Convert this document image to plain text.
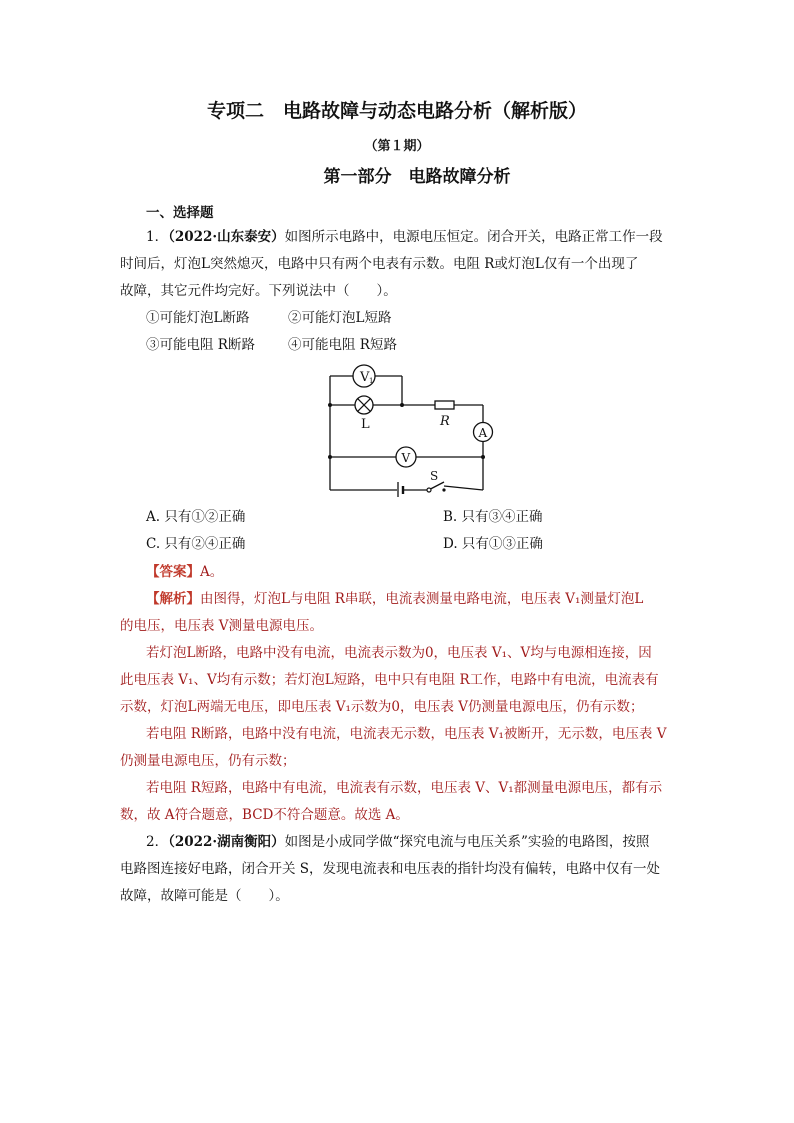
专项二　电路故障与动态电路分析（解析版）
（第１期）
第一部分　电路故障分析
一、选择题
1．（2022·山东泰安）如图所示电路中，电源电压恒定。闭合开关，电路正常工作一段
时间后，灯泡L突然熄灭，电路中只有两个电表有示数。电阻 R或灯泡L仅有一个出现了
故障，其它元件均完好。下列说法中（　　）。
①可能灯泡L断路	②可能灯泡L短路
③可能电阻 R断路 ④可能电阻 R短路
V 1
L	R
A
V
S
A. 只有①②正确	B. 只有③④正确
C. 只有②④正确	D. 只有①③正确
【答案】A。
【解析】由图得，灯泡L与电阻 R串联，电流表测量电路电流，电压表 V₁测量灯泡L
的电压，电压表 V测量电源电压。
若灯泡L断路，电路中没有电流，电流表示数为0，电压表 V₁、V均与电源相连接，因
此电压表 V₁、V均有示数；若灯泡L短路，电中只有电阻 R工作，电路中有电流，电流表有
示数，灯泡L两端无电压，即电压表 V₁示数为0，电压表 V仍测量电源电压，仍有示数；
若电阻 R断路，电路中没有电流，电流表无示数，电压表 V₁被断开，无示数，电压表 V
仍测量电源电压，仍有示数；
若电阻 R短路，电路中有电流，电流表有示数，电压表 V、V₁都测量电源电压，都有示
数，故 A符合题意，BCD不符合题意。故选 A。
2．（2022·湖南衡阳）如图是小成同学做“探究电流与电压关系”实验的电路图，按照
电路图连接好电路，闭合开关 S，发现电流表和电压表的指针均没有偏转，电路中仅有一处
故障，故障可能是（　　）。
